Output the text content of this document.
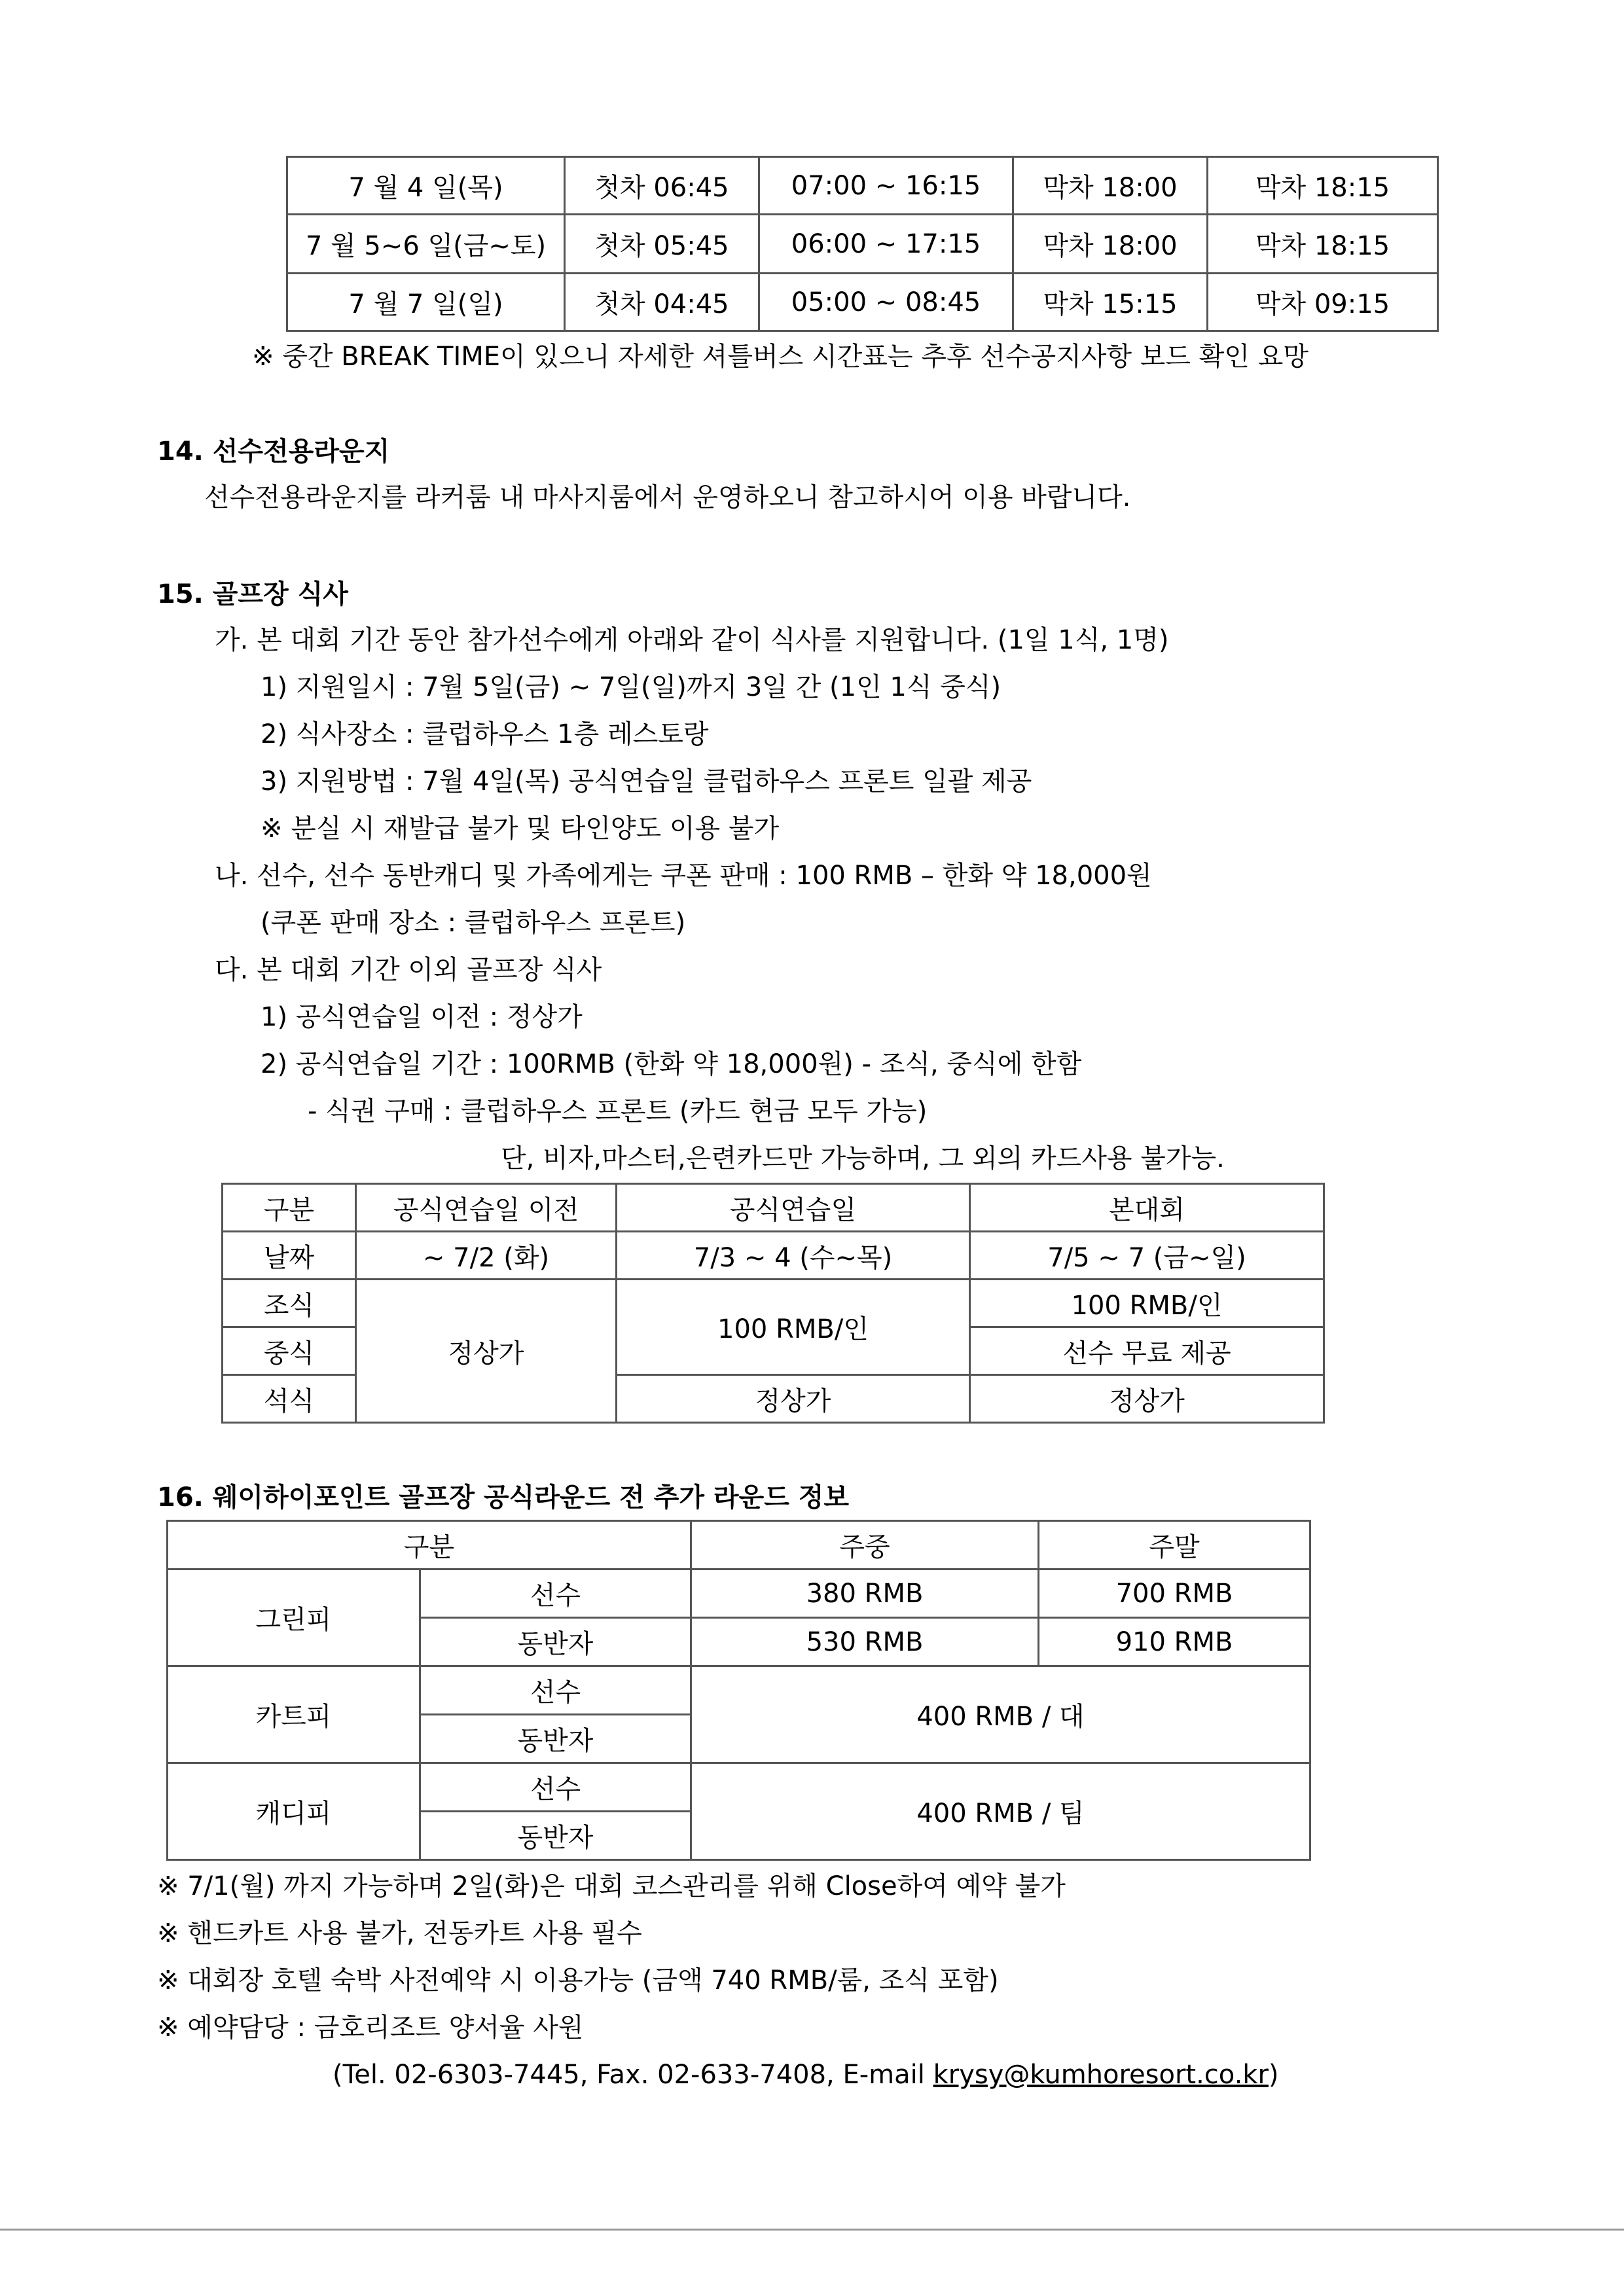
7 월 4 일(목)	첫차 06:45	07:00 ~ 16:15	막차 18:00	막차 18:15
7 월 5~6 일(금~토)	첫차 05:45	06:00 ~ 17:15	막차 18:00	막차 18:15
7 월 7 일(일)	첫차 04:45	05:00 ~ 08:45	막차 15:15	막차 09:15
※ 중간 BREAK TIME이 있으니 자세한 셔틀버스 시간표는 추후 선수공지사항 보드 확인 요망
14. 선수전용라운지
선수전용라운지를 라커룸 내 마사지룸에서 운영하오니 참고하시어 이용 바랍니다.
15. 골프장 식사
가. 본 대회 기간 동안 참가선수에게 아래와 같이 식사를 지원합니다. (1일 1식, 1명)
1) 지원일시 : 7월 5일(금) ~ 7일(일)까지 3일 간 (1인 1식 중식)
2) 식사장소 : 클럽하우스 1층 레스토랑
3) 지원방법 : 7월 4일(목) 공식연습일 클럽하우스 프론트 일괄 제공
※ 분실 시 재발급 불가 및 타인양도 이용 불가
나. 선수, 선수 동반캐디 및 가족에게는 쿠폰 판매 : 100 RMB – 한화 약 18,000원
(쿠폰 판매 장소 : 클럽하우스 프론트)
다. 본 대회 기간 이외 골프장 식사
1) 공식연습일 이전 : 정상가
2) 공식연습일 기간 : 100RMB (한화 약 18,000원) - 조식, 중식에 한함
- 식권 구매 : 클럽하우스 프론트 (카드 현금 모두 가능)
단, 비자,마스터,은련카드만 가능하며, 그 외의 카드사용 불가능.
구분	공식연습일 이전	공식연습일	본대회
날짜	~ 7/2 (화)	7/3 ~ 4 (수~목)	7/5 ~ 7 (금~일)
조식	정상가	100 RMB/인	100 RMB/인
중식			선수 무료 제공
석식		정상가	정상가
16. 웨이하이포인트 골프장 공식라운드 전 추가 라운드 정보
구분		주중	주말
그린피	선수	380 RMB	700 RMB
	동반자	530 RMB	910 RMB
카트피	선수	400 RMB / 대	
	동반자		
캐디피	선수	400 RMB / 팀	
	동반자		
※ 7/1(월) 까지 가능하며 2일(화)은 대회 코스관리를 위해 Close하여 예약 불가
※ 핸드카트 사용 불가, 전동카트 사용 필수
※ 대회장 호텔 숙박 사전예약 시 이용가능 (금액 740 RMB/룸, 조식 포함)
※ 예약담당 : 금호리조트 양서율 사원
(Tel. 02-6303-7445, Fax. 02-633-7408, E-mail krysy@kumhoresort.co.kr)
